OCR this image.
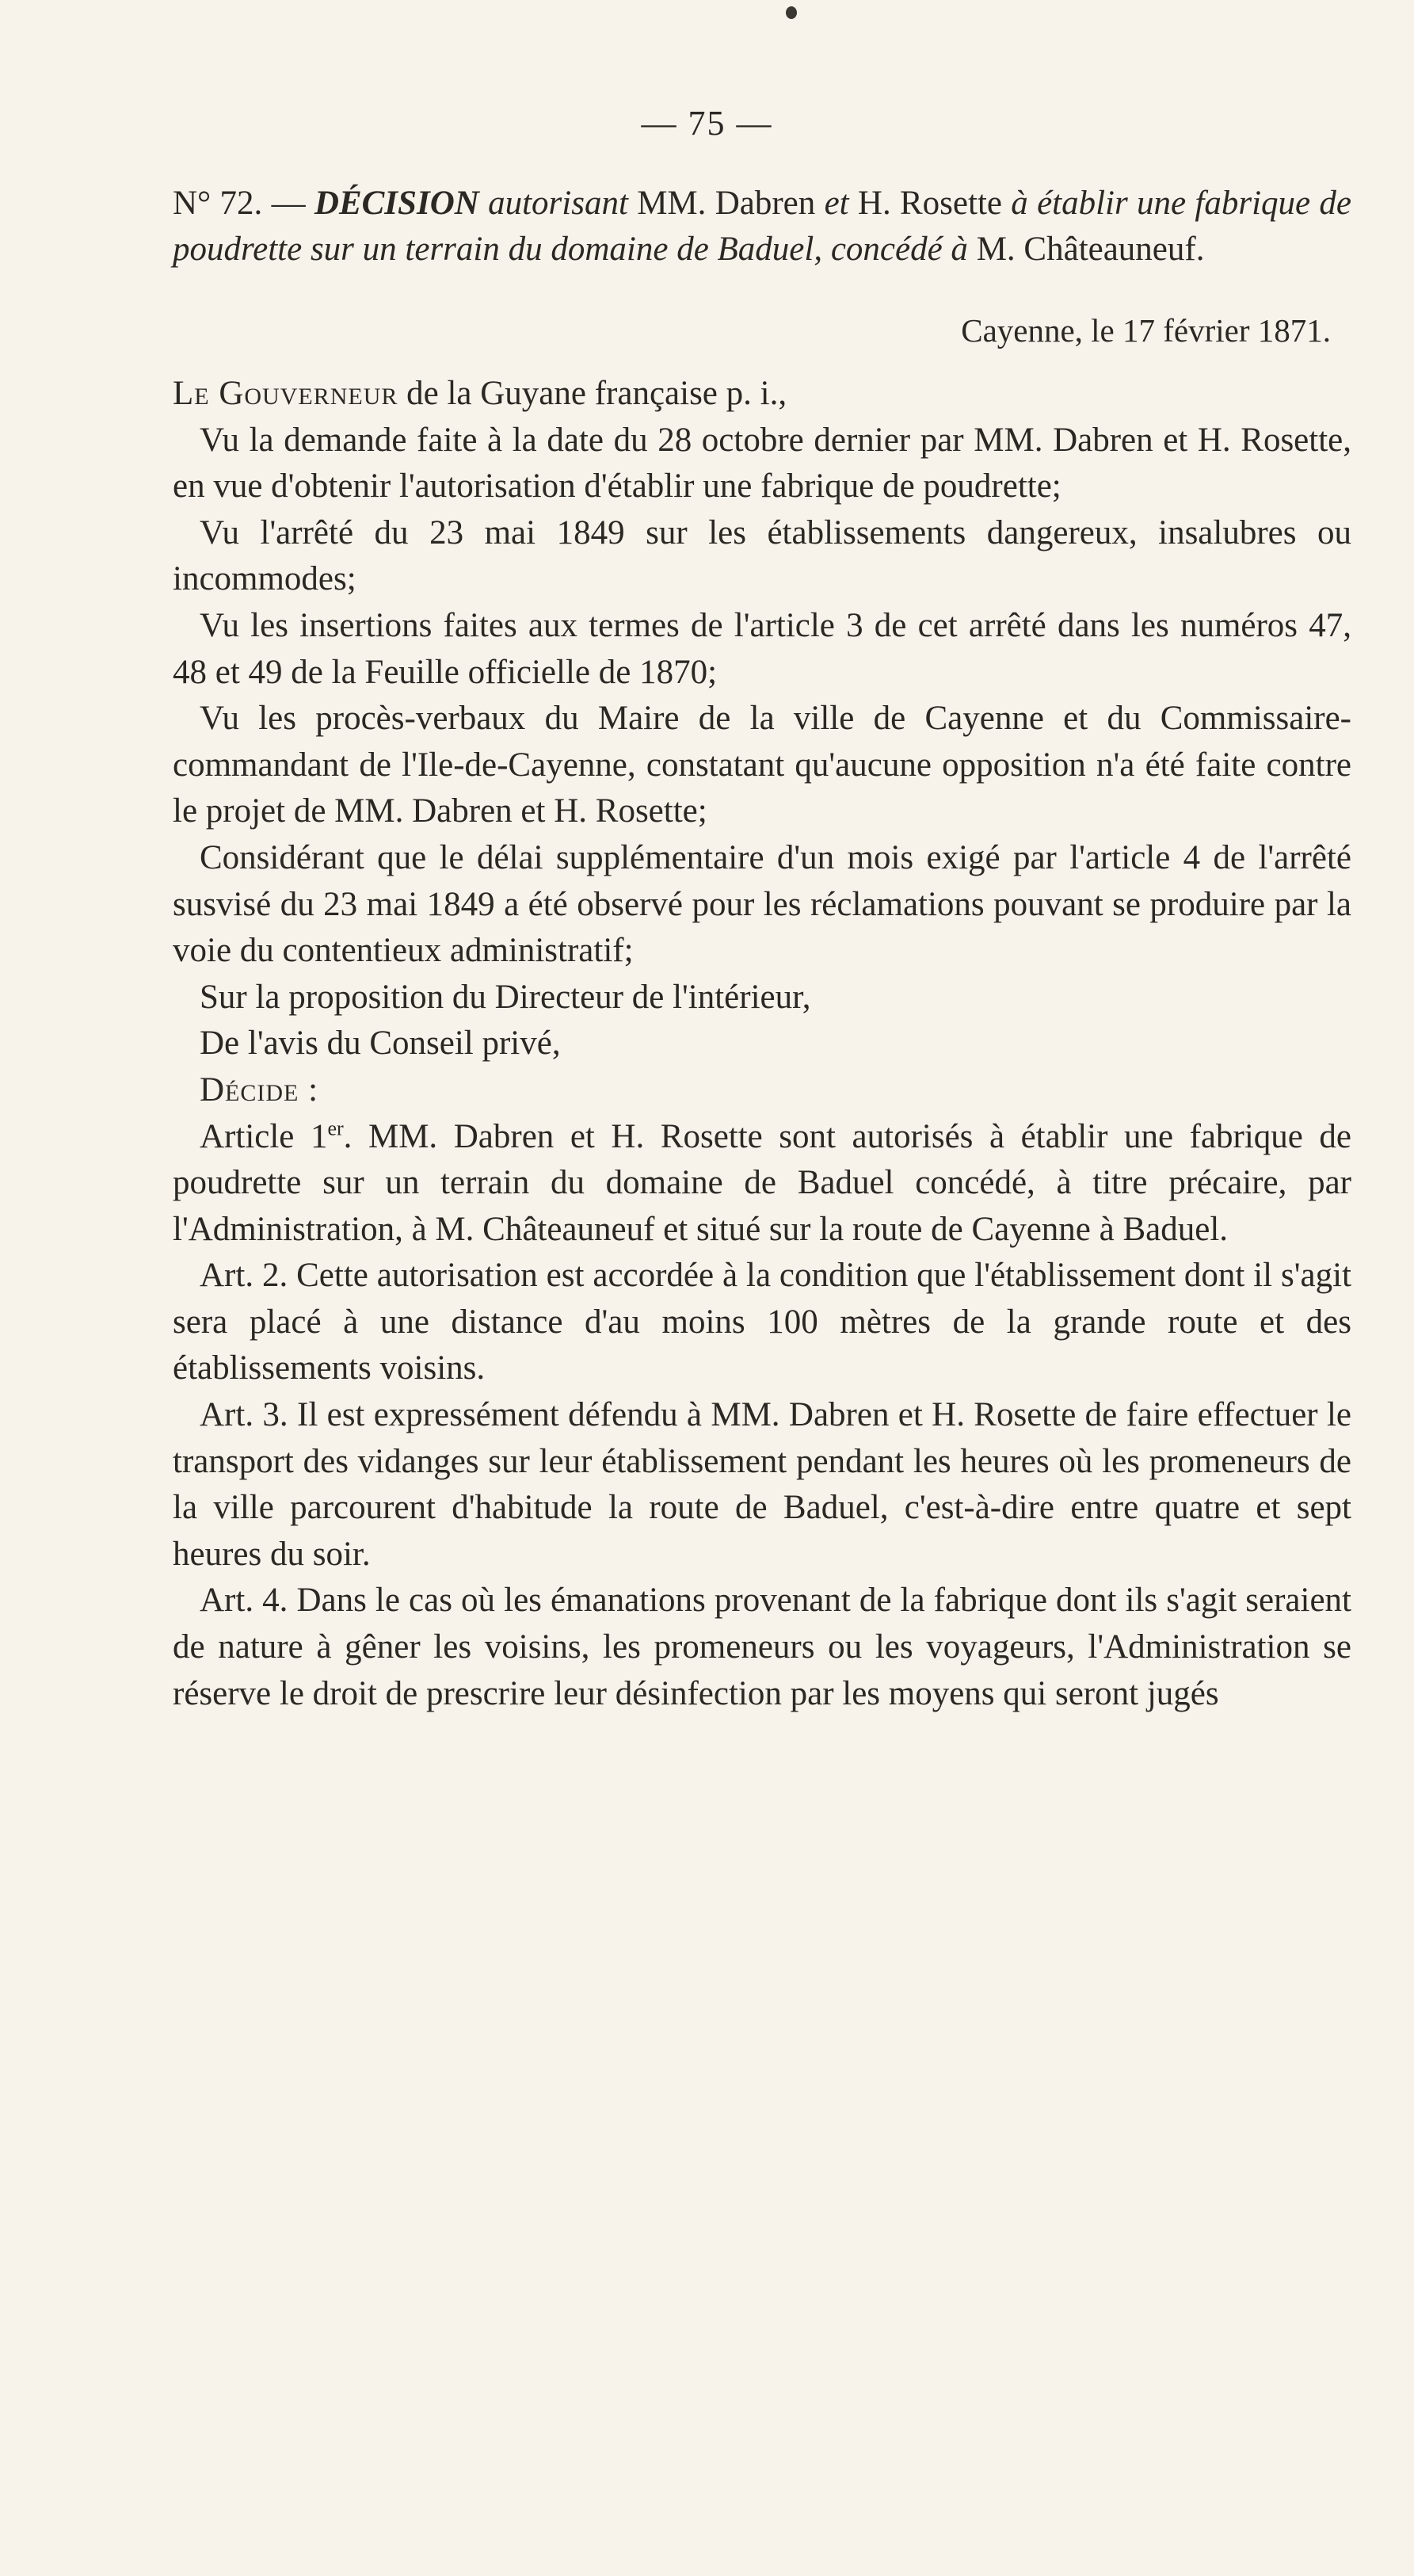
— 75 —

N° 72. — DÉCISION autorisant MM. Dabren et H. Rosette à établir une fabrique de poudrette sur un terrain du domaine de Baduel, concédé à M. Châteauneuf.

Cayenne, le 17 février 1871.

Le Gouverneur de la Guyane française p. i.,

Vu la demande faite à la date du 28 octobre dernier par MM. Dabren et H. Rosette, en vue d'obtenir l'autorisation d'établir une fabrique de poudrette;

Vu l'arrêté du 23 mai 1849 sur les établissements dangereux, insalubres ou incommodes;

Vu les insertions faites aux termes de l'article 3 de cet arrêté dans les numéros 47, 48 et 49 de la Feuille officielle de 1870;

Vu les procès-verbaux du Maire de la ville de Cayenne et du Commissaire-commandant de l'Ile-de-Cayenne, constatant qu'aucune opposition n'a été faite contre le projet de MM. Dabren et H. Rosette;

Considérant que le délai supplémentaire d'un mois exigé par l'article 4 de l'arrêté susvisé du 23 mai 1849 a été observé pour les réclamations pouvant se produire par la voie du contentieux administratif;

Sur la proposition du Directeur de l'intérieur,

De l'avis du Conseil privé,

Décide :

Article 1er. MM. Dabren et H. Rosette sont autorisés à établir une fabrique de poudrette sur un terrain du domaine de Baduel concédé, à titre précaire, par l'Administration, à M. Châteauneuf et situé sur la route de Cayenne à Baduel.

Art. 2. Cette autorisation est accordée à la condition que l'établissement dont il s'agit sera placé à une distance d'au moins 100 mètres de la grande route et des établissements voisins.

Art. 3. Il est expressément défendu à MM. Dabren et H. Rosette de faire effectuer le transport des vidanges sur leur établissement pendant les heures où les promeneurs de la ville parcourent d'habitude la route de Baduel, c'est-à-dire entre quatre et sept heures du soir.

Art. 4. Dans le cas où les émanations provenant de la fabrique dont ils s'agit seraient de nature à gêner les voisins, les promeneurs ou les voyageurs, l'Administration se réserve le droit de prescrire leur désinfection par les moyens qui seront jugés
